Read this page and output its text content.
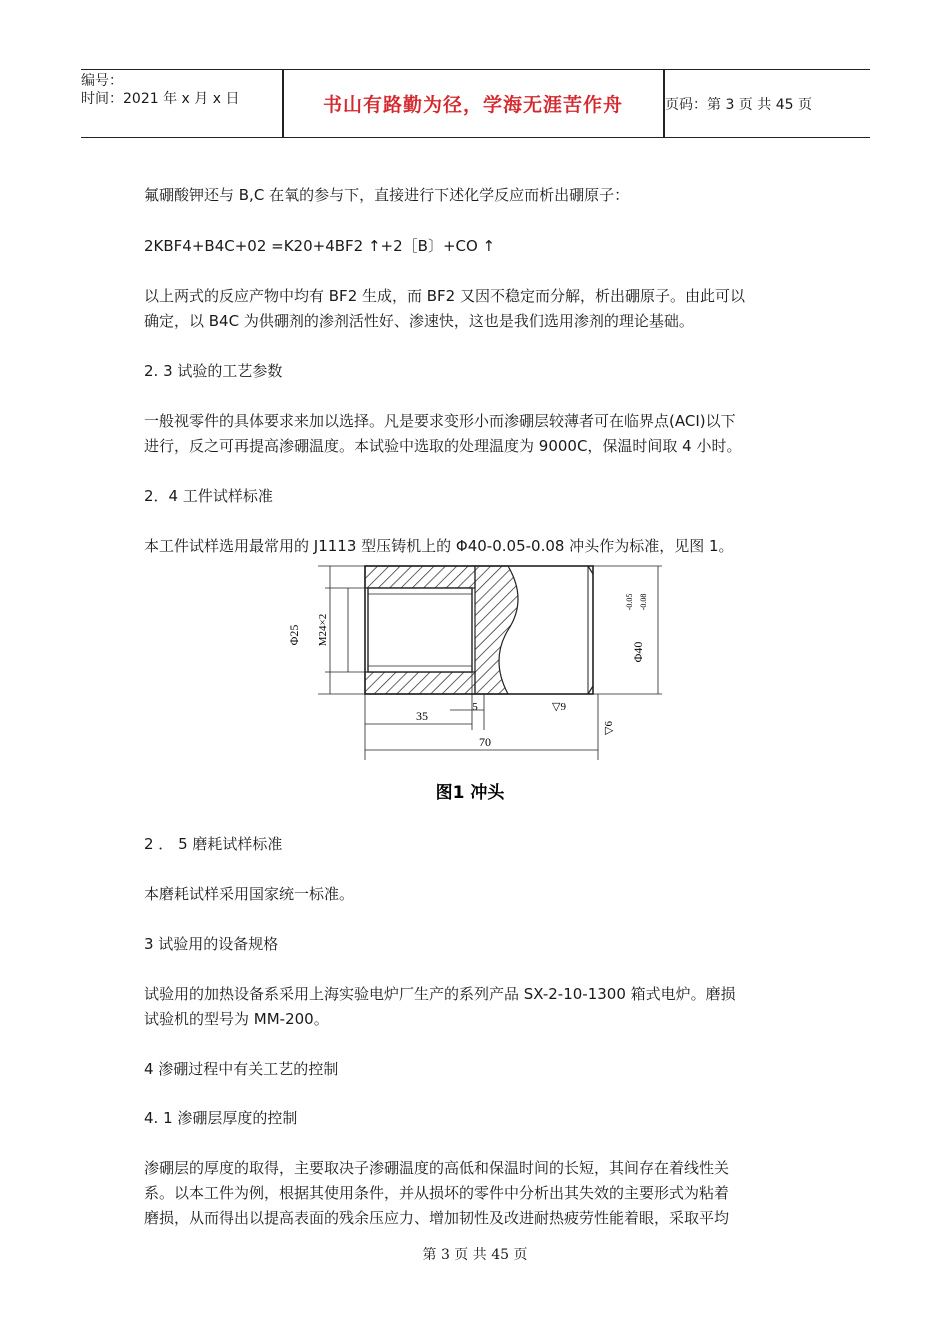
编号：
时间：2021 年 x 月 x 日	书山有路勤为径，学海无涯苦作舟	页码：第 3 页 共 45 页
氟硼酸钾还与 B,C 在氧的参与下，直接进行下述化学反应而析出硼原子：
2KBF4+B4C+02 =K20+4BF2 ↑+2［B〕+CO ↑
以上两式的反应产物中均有 BF2 生成，而 BF2 又因不稳定而分解，析出硼原子。由此可以
确定，以 B4C 为供硼剂的渗剂活性好、渗速快，这也是我们选用渗剂的理论基础。
2. 3 试验的工艺参数
一般视零件的具体要求来加以选择。凡是要求变形小而渗硼层较薄者可在临界点(ACI)以下
进行，反之可再提高渗硼温度。本试验中选取的处理温度为 9000C，保温时间取 4 小时。
2．4 工件试样标准
本工件试样选用最常用的 J1113 型压铸机上的 Φ40-0.05-0.08 冲头作为标准，见图 1。
Φ25 M24×2
Φ40
-0.05 -0.08
5
35
70
▽9
▽6
图1 冲头
2 ． 5 磨耗试样标准
本磨耗试样采用国家统一标准。
3 试验用的设备规格
试验用的加热设备系采用上海实验电炉厂生产的系列产品 SX-2-10-1300 箱式电炉。磨损
试验机的型号为 MM-200。
4 渗硼过程中有关工艺的控制
4. 1 渗硼层厚度的控制
渗硼层的厚度的取得，主要取决子渗硼温度的高低和保温时间的长短，其间存在着线性关
系。以本工件为例，根据其使用条件，并从损坏的零件中分析出其失效的主要形式为粘着
磨损，从而得出以提高表面的残余压应力、增加韧性及改进耐热疲劳性能着眼，采取平均
第 3 页 共 45 页
